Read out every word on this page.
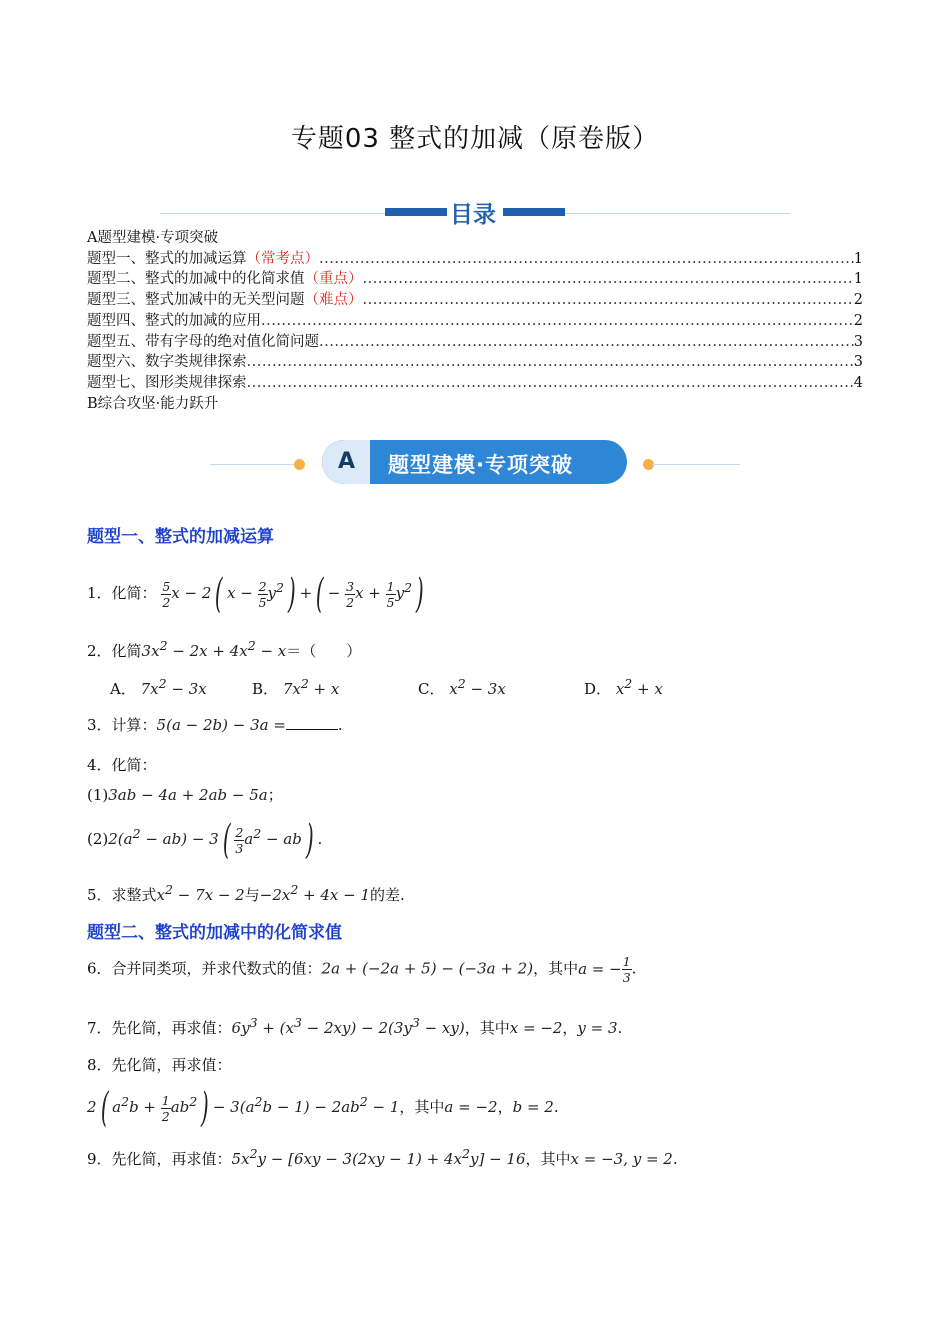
专题03 整式的加减（原卷版）
目录
A题型建模·专项突破
题型一、整式的加减运算 （常考点） .....	1
题型二、整式的加减中的化简求值 （重点） .....	1
题型三、整式加减中的无关型问题 （难点） .....	2
题型四、整式的加减的应用 .....	2
题型五、带有字母的绝对值化简问题 .....	3
题型六、数字类规律探索 .....	3
题型七、图形类规律探索 .....	4
B综合攻坚·能力跃升
A 题型建模·专项突破
题型一、整式的加减运算
1．化简： $\frac{5}{2}$ x − 2( $x - \frac{2}{5} y^2$) +( − $\frac{3}{2}$ $x + \frac{1}{5} y^2$)
2．化简$3x^2 - 2x + 4x^2 - x=$（　　）
A． $7x^2 - 3x$	B． $7x^2 + x$	C． $x^2 - 3x$	D． $x^2 + x$
3．计算：5(a − 2b) − 3a =	.
4．化简：
(1)3ab − 4a + 2ab − 5a；
$(2)2(a^2 - ab) - 3( \frac{2}{3} a^2 - ab)$ .
5．求整式$x^2 - 7x - 2$与$-2x^2 + 4x - 1$的差.
题型二、整式的加减中的化简求值
6．合并同类项，并求代数式的值：2a + (−2a + 5) − (−3a + 2)，其中a = − $\frac{1}{3}$ .
7．先化简，再求值：$6y^3 + (x^3 - 2xy) - 2(3y^3 - xy)$，其中x = −2，y = 3.
8．先化简，再求值：
2( $a^2b + \frac{1}{2} ab^2) - 3(a^2b - 1) - 2ab^2 - 1$，其中a = −2，b = 2.
9．先化简，再求值：$5x^2y - [6xy - 3(2xy - 1) + 4x^2y] - 16$，其中x = −3, y = 2.
